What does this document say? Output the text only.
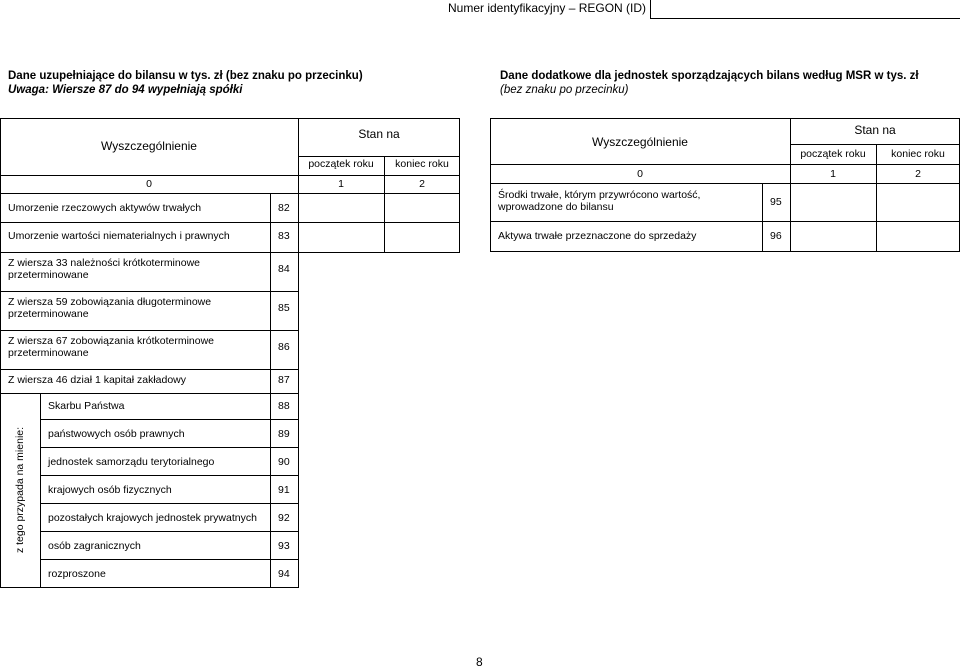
Numer identyfikacyjny – REGON (ID)
Dane uzupełniające do bilansu w tys. zł (bez znaku po przecinku)
Uwaga: Wiersze 87 do 94 wypełniają spółki
Dane dodatkowe dla jednostek sporządzających bilans według MSR w tys. zł
(bez znaku po przecinku)
Wyszczególnienie
Stan na
początek roku	koniec roku
0	1	2
Umorzenie rzeczowych aktywów trwałych	82
Umorzenie wartości niematerialnych i prawnych	83
Z wiersza 33 należności krótkoterminowe
przeterminowane	84
Z wiersza 59 zobowiązania długoterminowe
przeterminowane	85
Z wiersza 67 zobowiązania krótkoterminowe
przeterminowane	86
Z wiersza 46 dział 1 kapitał zakładowy	87
z tego przypada na mienie:
Skarbu Państwa	88
państwowych osób prawnych	89
jednostek samorządu terytorialnego	90
krajowych osób fizycznych	91
pozostałych krajowych jednostek prywatnych 92
osób zagranicznych	93
rozproszone	94
Wyszczególnienie
Stan na
początek roku	koniec roku
0	1	2
Środki trwałe, którym przywrócono wartość,
wprowadzone do bilansu	95
Aktywa trwałe przeznaczone do sprzedaży	96
8
